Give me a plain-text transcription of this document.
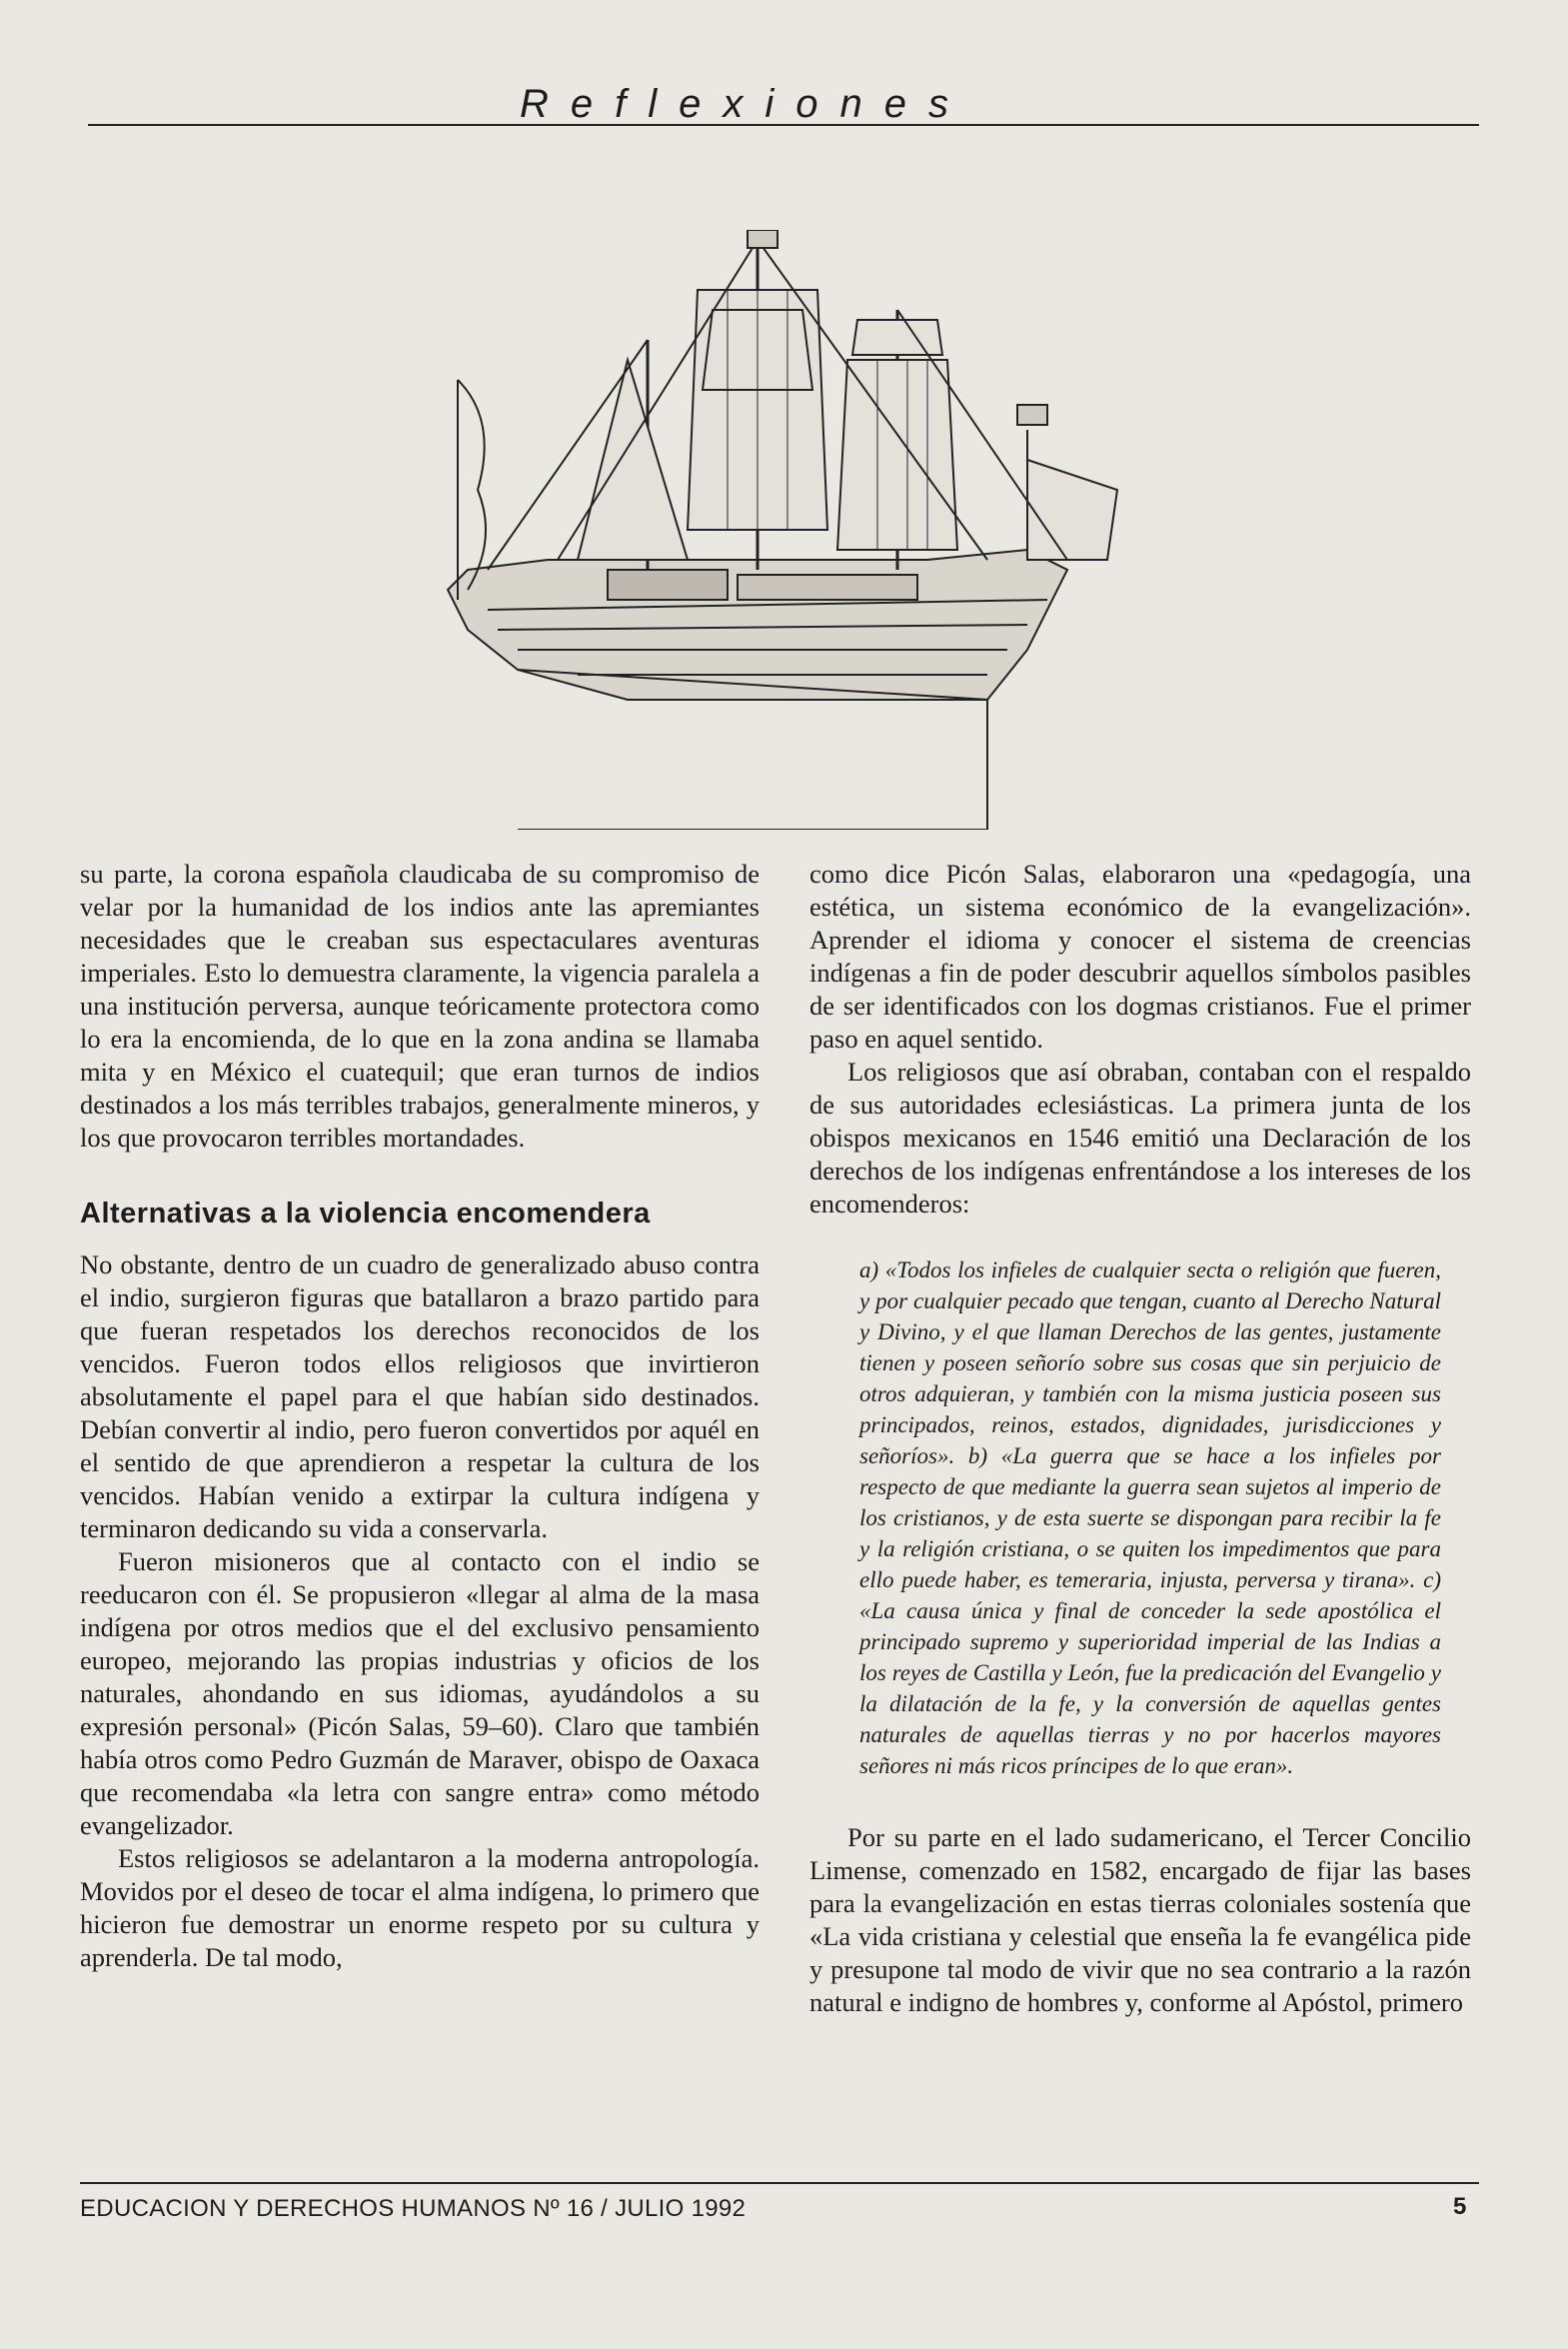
Reflexiones

su parte, la corona española claudicaba de su compromiso de velar por la humanidad de los indios ante las apremiantes necesidades que le creaban sus espectaculares aventuras imperiales. Esto lo demuestra claramente, la vigencia paralela a una institución perversa, aunque teóricamente protectora como lo era la encomienda, de lo que en la zona andina se llamaba mita y en México el cuatequil; que eran turnos de indios destinados a los más terribles trabajos, generalmente mineros, y los que provocaron terribles mortandades.

Alternativas a la violencia encomendera

No obstante, dentro de un cuadro de generalizado abuso contra el indio, surgieron figuras que batallaron a brazo partido para que fueran respetados los derechos reconocidos de los vencidos. Fueron todos ellos religiosos que invirtieron absolutamente el papel para el que habían sido destinados. Debían convertir al indio, pero fueron convertidos por aquél en el sentido de que aprendieron a respetar la cultura de los vencidos. Habían venido a extirpar la cultura indígena y terminaron dedicando su vida a conservarla.

Fueron misioneros que al contacto con el indio se reeducaron con él. Se propusieron «llegar al alma de la masa indígena por otros medios que el del exclusivo pensamiento europeo, mejorando las propias industrias y oficios de los naturales, ahondando en sus idiomas, ayudándolos a su expresión personal» (Picón Salas, 59–60). Claro que también había otros como Pedro Guzmán de Maraver, obispo de Oaxaca que recomendaba «la letra con sangre entra» como método evangelizador.

Estos religiosos se adelantaron a la moderna antropología. Movidos por el deseo de tocar el alma indígena, lo primero que hicieron fue demostrar un enorme respeto por su cultura y aprenderla. De tal modo,

como dice Picón Salas, elaboraron una «pedagogía, una estética, un sistema económico de la evangelización». Aprender el idioma y conocer el sistema de creencias indígenas a fin de poder descubrir aquellos símbolos pasibles de ser identificados con los dogmas cristianos. Fue el primer paso en aquel sentido.

Los religiosos que así obraban, contaban con el respaldo de sus autoridades eclesiásticas. La primera junta de los obispos mexicanos en 1546 emitió una Declaración de los derechos de los indígenas enfrentándose a los intereses de los encomenderos:

a) «Todos los infieles de cualquier secta o religión que fueren, y por cualquier pecado que tengan, cuanto al Derecho Natural y Divino, y el que llaman Derechos de las gentes, justamente tienen y poseen señorío sobre sus cosas que sin perjuicio de otros adquieran, y también con la misma justicia poseen sus principados, reinos, estados, dignidades, jurisdicciones y señoríos». b) «La guerra que se hace a los infieles por respecto de que mediante la guerra sean sujetos al imperio de los cristianos, y de esta suerte se dispongan para recibir la fe y la religión cristiana, o se quiten los impedimentos que para ello puede haber, es temeraria, injusta, perversa y tirana». c) «La causa única y final de conceder la sede apostólica el principado supremo y superioridad imperial de las Indias a los reyes de Castilla y León, fue la predicación del Evangelio y la dilatación de la fe, y la conversión de aquellas gentes naturales de aquellas tierras y no por hacerlos mayores señores ni más ricos príncipes de lo que eran».

Por su parte en el lado sudamericano, el Tercer Concilio Limense, comenzado en 1582, encargado de fijar las bases para la evangelización en estas tierras coloniales sostenía que «La vida cristiana y celestial que enseña la fe evangélica pide y presupone tal modo de vivir que no sea contrario a la razón natural e indigno de hombres y, conforme al Apóstol, primero

EDUCACION Y DERECHOS HUMANOS Nº 16 / JULIO 1992	5
